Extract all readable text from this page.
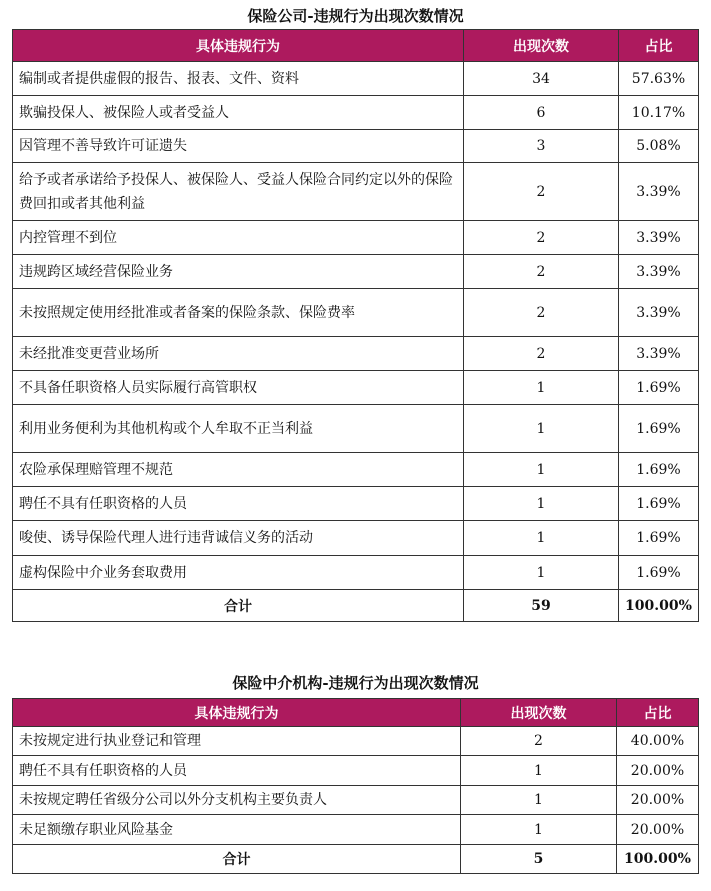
保险公司-违规行为出现次数情况
具体违规行为	出现次数	占比
编制或者提供虚假的报告、报表、文件、资料	34	57.63%
欺骗投保人、被保险人或者受益人	6	10.17%
因管理不善导致许可证遗失	3	5.08%
给予或者承诺给予投保人、被保险人、受益人保险合同约定以外的保险费回扣或者其他利益	2	3.39%
内控管理不到位	2	3.39%
违规跨区域经营保险业务	2	3.39%
未按照规定使用经批准或者备案的保险条款、保险费率	2	3.39%
未经批准变更营业场所	2	3.39%
不具备任职资格人员实际履行高管职权	1	1.69%
利用业务便利为其他机构或个人牟取不正当利益	1	1.69%
农险承保理赔管理不规范	1	1.69%
聘任不具有任职资格的人员	1	1.69%
唆使、诱导保险代理人进行违背诚信义务的活动	1	1.69%
虚构保险中介业务套取费用	1	1.69%
合计	59	100.00%
保险中介机构-违规行为出现次数情况
具体违规行为	出现次数	占比
未按规定进行执业登记和管理	2	40.00%
聘任不具有任职资格的人员	1	20.00%
未按规定聘任省级分公司以外分支机构主要负责人	1	20.00%
未足额缴存职业风险基金	1	20.00%
合计	5	100.00%
